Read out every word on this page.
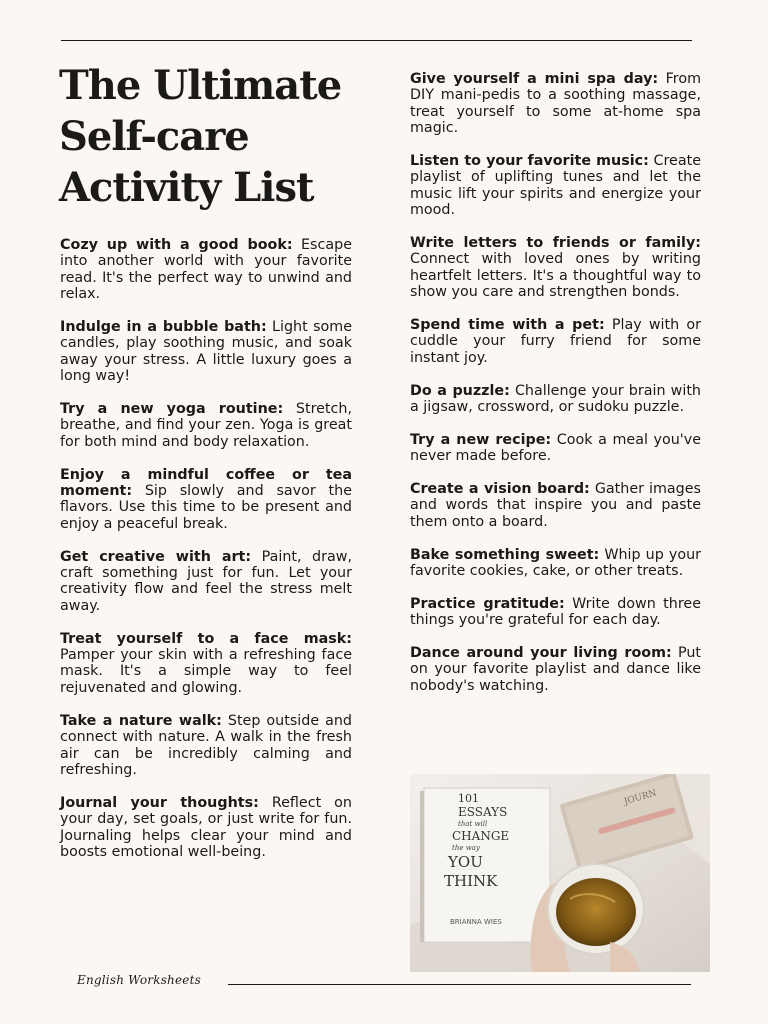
The Ultimate Self-care Activity List

Cozy up with a good book: Escape into another world with your favorite read. It's the perfect way to unwind and relax.

Indulge in a bubble bath: Light some candles, play soothing music, and soak away your stress. A little luxury goes a long way!

Try a new yoga routine: Stretch, breathe, and find your zen. Yoga is great for both mind and body relaxation.

Enjoy a mindful coffee or tea moment: Sip slowly and savor the flavors. Use this time to be present and enjoy a peaceful break.

Get creative with art: Paint, draw, craft something just for fun. Let your creativity flow and feel the stress melt away.

Treat yourself to a face mask: Pamper your skin with a refreshing face mask. It's a simple way to feel rejuvenated and glowing.

Take a nature walk: Step outside and connect with nature. A walk in the fresh air can be incredibly calming and refreshing.

Journal your thoughts: Reflect on your day, set goals, or just write for fun. Journaling helps clear your mind and boosts emotional well-being.

Give yourself a mini spa day: From DIY mani-pedis to a soothing massage, treat yourself to some at-home spa magic.

Listen to your favorite music: Create playlist of uplifting tunes and let the music lift your spirits and energize your mood.

Write letters to friends or family: Connect with loved ones by writing heartfelt letters. It's a thoughtful way to show you care and strengthen bonds.

Spend time with a pet: Play with or cuddle your furry friend for some instant joy.

Do a puzzle: Challenge your brain with a jigsaw, crossword, or sudoku puzzle.

Try a new recipe: Cook a meal you've never made before.

Create a vision board: Gather images and words that inspire you and paste them onto a board.

Bake something sweet: Whip up your favorite cookies, cake, or other treats.

Practice gratitude: Write down three things you're grateful for each day.

Dance around your living room: Put on your favorite playlist and dance like nobody's watching.

JOURN
101
ESSAYS
that will
CHANGE
the way
YOU
THINK
BRIANNA WIES
English Worksheets
